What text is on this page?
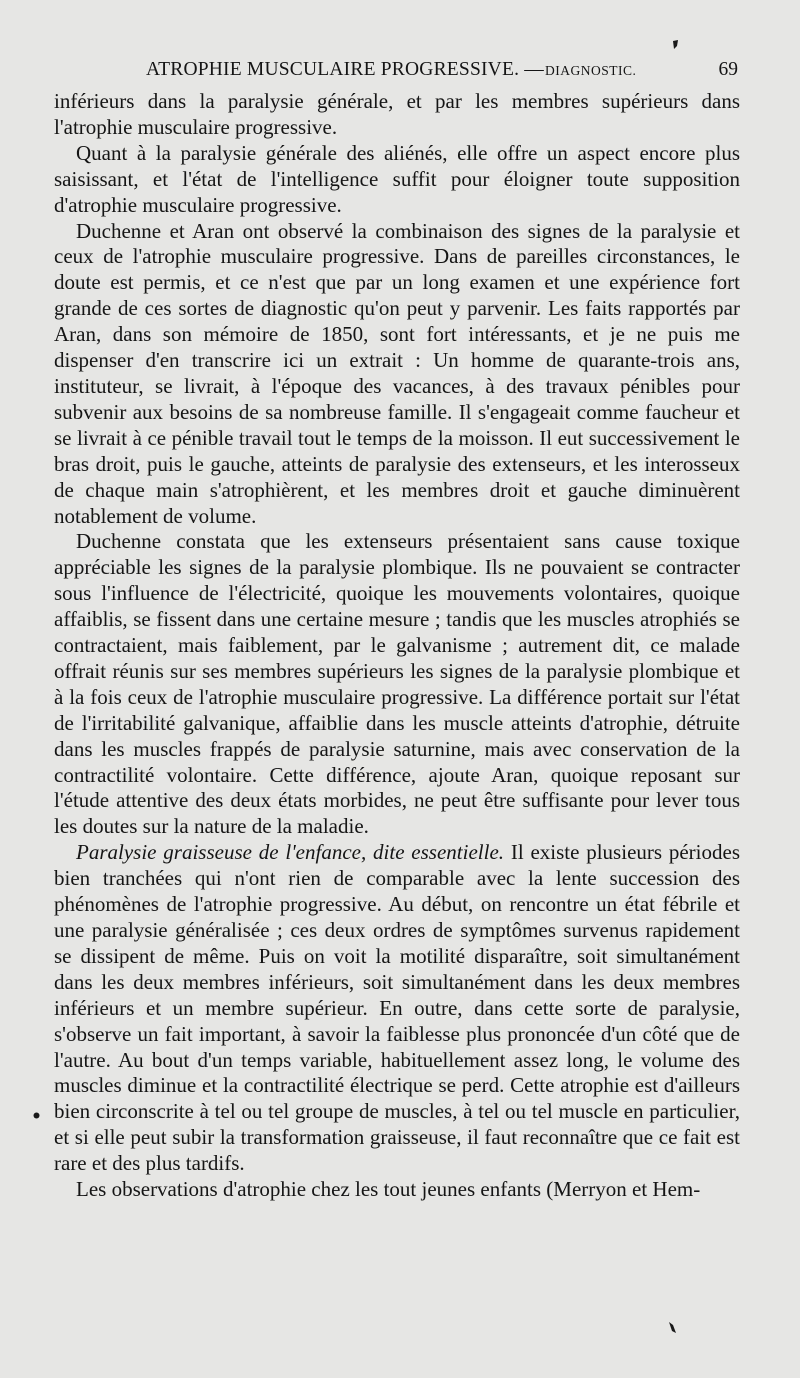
ATROPHIE MUSCULAIRE PROGRESSIVE. — DIAGNOSTIC.	69

inférieurs dans la paralysie générale, et par les membres supérieurs dans l'atrophie musculaire progressive.

Quant à la paralysie générale des aliénés, elle offre un aspect encore plus saisissant, et l'état de l'intelligence suffit pour éloigner toute supposition d'atrophie musculaire progressive.

Duchenne et Aran ont observé la combinaison des signes de la paralysie et ceux de l'atrophie musculaire progressive. Dans de pareilles circonstances, le doute est permis, et ce n'est que par un long examen et une expérience fort grande de ces sortes de diagnostic qu'on peut y parvenir. Les faits rapportés par Aran, dans son mémoire de 1850, sont fort intéressants, et je ne puis me dispenser d'en transcrire ici un extrait : Un homme de quarante-trois ans, instituteur, se livrait, à l'époque des vacances, à des travaux pénibles pour subvenir aux besoins de sa nombreuse famille. Il s'engageait comme faucheur et se livrait à ce pénible travail tout le temps de la moisson. Il eut successivement le bras droit, puis le gauche, atteints de paralysie des extenseurs, et les interosseux de chaque main s'atrophièrent, et les membres droit et gauche diminuèrent notablement de volume.

Duchenne constata que les extenseurs présentaient sans cause toxique appréciable les signes de la paralysie plombique. Ils ne pouvaient se contracter sous l'influence de l'électricité, quoique les mouvements volontaires, quoique affaiblis, se fissent dans une certaine mesure ; tandis que les muscles atrophiés se contractaient, mais faiblement, par le galvanisme ; autrement dit, ce malade offrait réunis sur ses membres supérieurs les signes de la paralysie plombique et à la fois ceux de l'atrophie musculaire progressive. La différence portait sur l'état de l'irritabilité galvanique, affaiblie dans les muscle atteints d'atrophie, détruite dans les muscles frappés de paralysie saturnine, mais avec conservation de la contractilité volontaire. Cette différence, ajoute Aran, quoique reposant sur l'étude attentive des deux états morbides, ne peut être suffisante pour lever tous les doutes sur la nature de la maladie.

Paralysie graisseuse de l'enfance, dite essentielle. Il existe plusieurs périodes bien tranchées qui n'ont rien de comparable avec la lente succession des phénomènes de l'atrophie progressive. Au début, on rencontre un état fébrile et une paralysie généralisée ; ces deux ordres de symptômes survenus rapidement se dissipent de même. Puis on voit la motilité disparaître, soit simultanément dans les deux membres inférieurs, soit simultanément dans les deux membres inférieurs et un membre supérieur. En outre, dans cette sorte de paralysie, s'observe un fait important, à savoir la faiblesse plus prononcée d'un côté que de l'autre. Au bout d'un temps variable, habituellement assez long, le volume des muscles diminue et la contractilité électrique se perd. Cette atrophie est d'ailleurs bien circonscrite à tel ou tel groupe de muscles, à tel ou tel muscle en particulier, et si elle peut subir la transformation graisseuse, il faut reconnaître que ce fait est rare et des plus tardifs.

Les observations d'atrophie chez les tout jeunes enfants (Merryon et Hem-
